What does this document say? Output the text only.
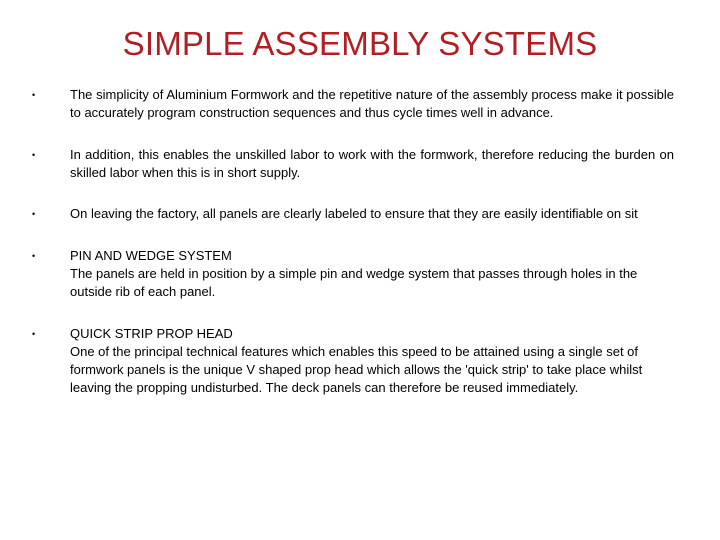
SIMPLE ASSEMBLY SYSTEMS
•	The simplicity of Aluminium Formwork and the repetitive nature of the assembly process make it possible to accurately program construction sequences and thus cycle times well in advance.
•	In addition, this enables the unskilled labor to work with the formwork, therefore reducing the burden on skilled labor when this is in short supply.
•	On leaving the factory, all panels are clearly labeled to ensure that they are easily identifiable on sit
•	PIN AND WEDGE SYSTEM
The panels are held in position by a simple pin and wedge system that passes through holes in the outside rib of each panel.
•	QUICK STRIP PROP HEAD
One of the principal technical features which enables this speed to be attained using a single set of formwork panels is the unique V shaped prop head which allows the 'quick strip' to take place whilst leaving the propping undisturbed. The deck panels can therefore be reused immediately.
